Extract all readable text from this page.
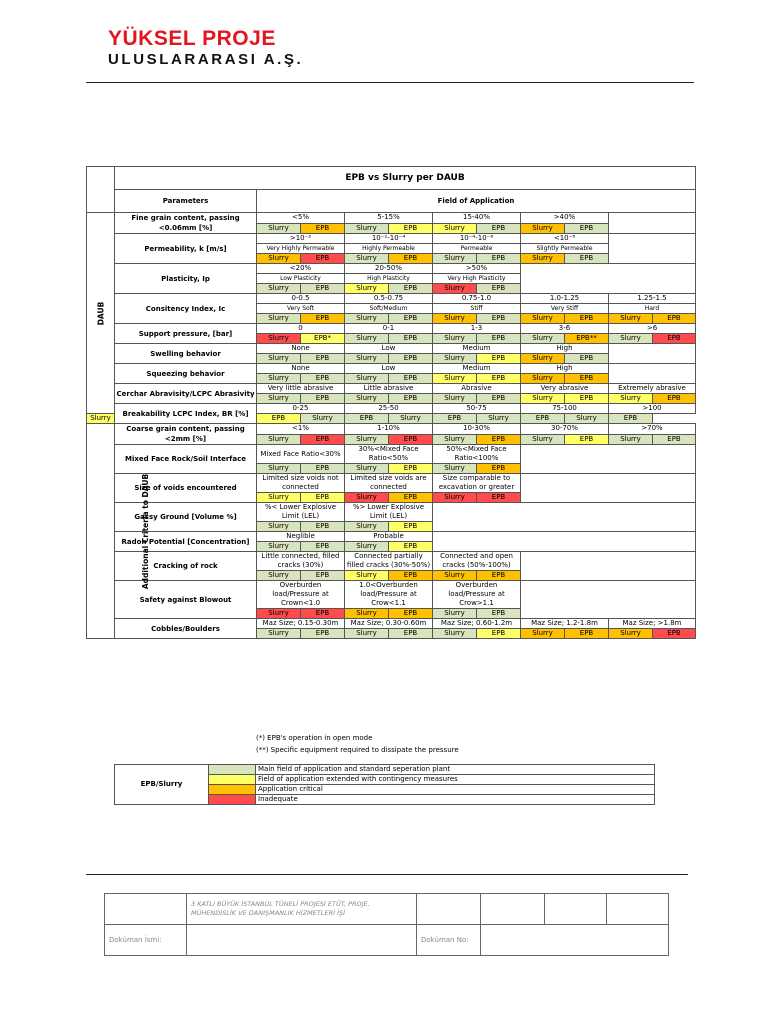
YÜKSEL PROJE
ULUSLARARASI A.Ş.
	EPB vs Slurry per DAUB										
	Parameters	Field of Application									
DAUB	Fine grain content, passing <0.06mm [%]	<5%		5-15%		15-40%		>40%			
		Slurry	EPB	Slurry	EPB	Slurry	EPB	Slurry	EPB		
	Permeability, k [m/s]	>10⁻²		10⁻²-10⁻⁴		10⁻⁴-10⁻⁶		<10⁻⁶			
		Very Highly Permeable		Highly Permeable		Permeable		Slightly Permeable			
		Slurry	EPB	Slurry	EPB	Slurry	EPB	Slurry	EPB		
	Plasticity, Ip	<20%		20-50%		>50%					
		Low Plasticity		High Plasticity		Very High Plasticity					
		Slurry	EPB	Slurry	EPB	Slurry	EPB				
	Consitency Index, Ic	0-0.5		0.5-0.75		0.75-1.0		1.0-1.25		1.25-1.5	
		Very Soft		Soft/Medium		Stiff		Very Stiff		Hard	
		Slurry	EPB	Slurry	EPB	Slurry	EPB	Slurry	EPB	Slurry	EPB
	Support pressure, [bar]	0		0-1		1-3		3-6		>6	
		Slurry	EPB*	Slurry	EPB	Slurry	EPB	Slurry	EPB**	Slurry	EPB
	Swelling behavior	None		Low		Medium		High			
		Slurry	EPB	Slurry	EPB	Slurry	EPB	Slurry	EPB		
	Squeezing behavior	None		Low		Medium		High			
		Slurry	EPB	Slurry	EPB	Slurry	EPB	Slurry	EPB		
	Cerchar Abravisity/LCPC Abrasivity	Very little abrasive		Little abrasive		Abrasive		Very abrasive		Extremely abrasive	
		Slurry	EPB	Slurry	EPB	Slurry	EPB	Slurry	EPB	Slurry	EPB
	Breakability LCPC Index, BR [%]	0-25		25-50		50-75		75-100		>100	
Slurry		EPB	Slurry	EPB	Slurry	EPB	Slurry	EPB	Slurry	EPB	
Additional Criteria to DAUB	Coarse grain content, passing <2mm [%]	<1%		1-10%		10-30%		30-70%		>70%	
		Slurry	EPB	Slurry	EPB	Slurry	EPB	Slurry	EPB	Slurry	EPB
	Mixed Face Rock/Soil Interface	Mixed Face Ratio<30%		30%<Mixed Face Ratio<50%		50%<Mixed Face Ratio<100%					

		Slurry	EPB	Slurry	EPB	Slurry	EPB				
	Size of voids encountered	Limited size voids not connected		Limited size voids are connected		Size comparable to excavation or greater					

		Slurry	EPB	Slurry	EPB	Slurry	EPB				
	Gassy Ground [Volume %]	%< Lower Explosive Limit (LEL)		%> Lower Explosive Limit (LEL)							

		Slurry	EPB	Slurry	EPB						
	Radon Potential [Concentration]	Neglible		Probable							
		Slurry	EPB	Slurry	EPB						
	Cracking of rock	Little connected, filled cracks (30%)		Connected partially filled cracks (30%-50%)		Connected and open cracks (50%-100%)					

		Slurry	EPB	Slurry	EPB	Slurry	EPB				
	Safety against Blowout	Overburden load/Pressure at Crown<1.0		1.0<Overburden load/Pressure at Crow<1.1		Overburden load/Pressure at Crow>1.1					

		Slurry	EPB	Slurry	EPB	Slurry	EPB				
	Cobbles/Boulders	Maz Size; 0.15-0.30m		Maz Size; 0.30-0.60m		Maz Size; 0.60-1.2m		Maz Size; 1.2-1.8m		Maz Size; >1.8m	
		Slurry	EPB	Slurry	EPB	Slurry	EPB	Slurry	EPB	Slurry	EPB
(*) EPB's operation in open mode
(**) Specific equipment required to dissipate the pressure
EPB/Slurry		Main field of application and standard seperation plant
		Field of application extended with contingency measures
		Application critical
		Inadequate
	3 KATLI BÜYÜK İSTANBUL TÜNELİ PROJESİ ETÜT, PROJE, MÜHENDİSLİK VE DANIŞMANLIK HİZMETLERİ İŞİ				
Doküman İsmi:		Doküman No:			
